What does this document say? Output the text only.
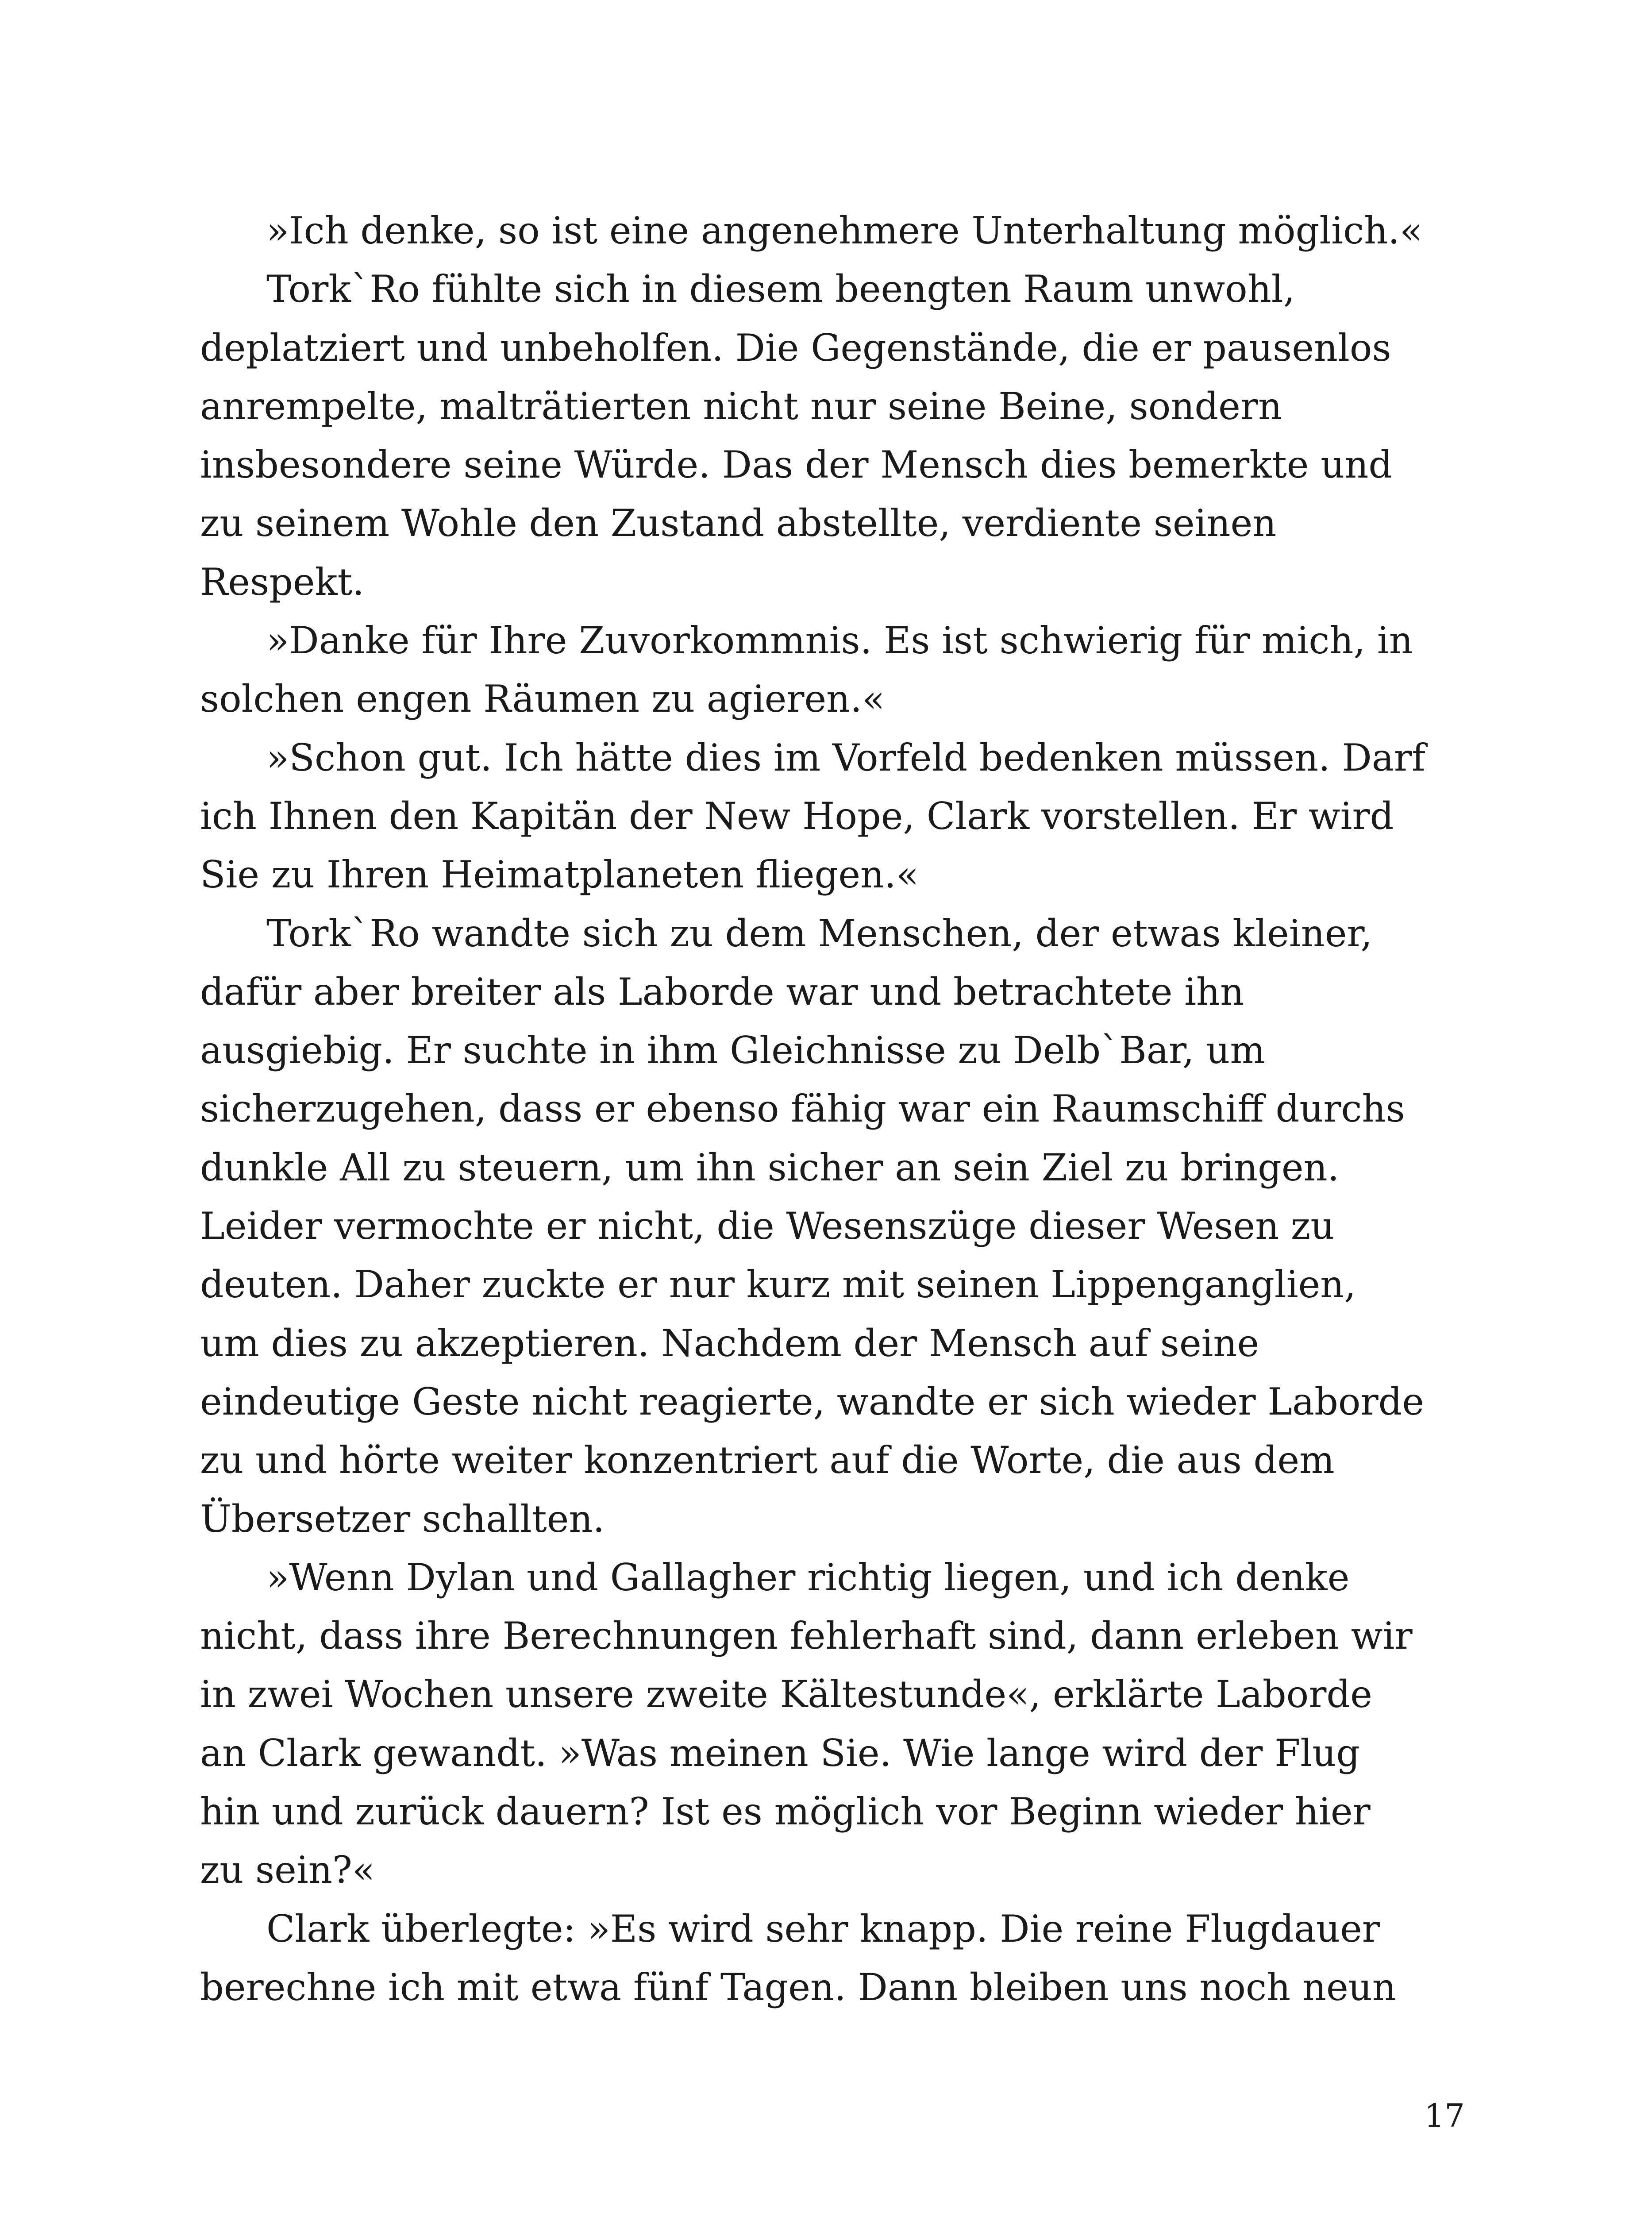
»Ich denke, so ist eine angenehmere Unterhaltung möglich.«
Tork`Ro fühlte sich in diesem beengten Raum unwohl,
deplatziert und unbeholfen. Die Gegenstände, die er pausenlos
anrempelte, malträtierten nicht nur seine Beine, sondern
insbesondere seine Würde. Das der Mensch dies bemerkte und
zu seinem Wohle den Zustand abstellte, verdiente seinen
Respekt.
»Danke für Ihre Zuvorkommnis. Es ist schwierig für mich, in
solchen engen Räumen zu agieren.«
»Schon gut. Ich hätte dies im Vorfeld bedenken müssen. Darf
ich Ihnen den Kapitän der New Hope, Clark vorstellen. Er wird
Sie zu Ihren Heimatplaneten fliegen.«
Tork`Ro wandte sich zu dem Menschen, der etwas kleiner,
dafür aber breiter als Laborde war und betrachtete ihn
ausgiebig. Er suchte in ihm Gleichnisse zu Delb`Bar, um
sicherzugehen, dass er ebenso fähig war ein Raumschiff durchs
dunkle All zu steuern, um ihn sicher an sein Ziel zu bringen.
Leider vermochte er nicht, die Wesenszüge dieser Wesen zu
deuten. Daher zuckte er nur kurz mit seinen Lippenganglien,
um dies zu akzeptieren. Nachdem der Mensch auf seine
eindeutige Geste nicht reagierte, wandte er sich wieder Laborde
zu und hörte weiter konzentriert auf die Worte, die aus dem
Übersetzer schallten.
»Wenn Dylan und Gallagher richtig liegen, und ich denke
nicht, dass ihre Berechnungen fehlerhaft sind, dann erleben wir
in zwei Wochen unsere zweite Kältestunde«, erklärte Laborde
an Clark gewandt. »Was meinen Sie. Wie lange wird der Flug
hin und zurück dauern? Ist es möglich vor Beginn wieder hier
zu sein?«
Clark überlegte: »Es wird sehr knapp. Die reine Flugdauer
berechne ich mit etwa fünf Tagen. Dann bleiben uns noch neun
17
